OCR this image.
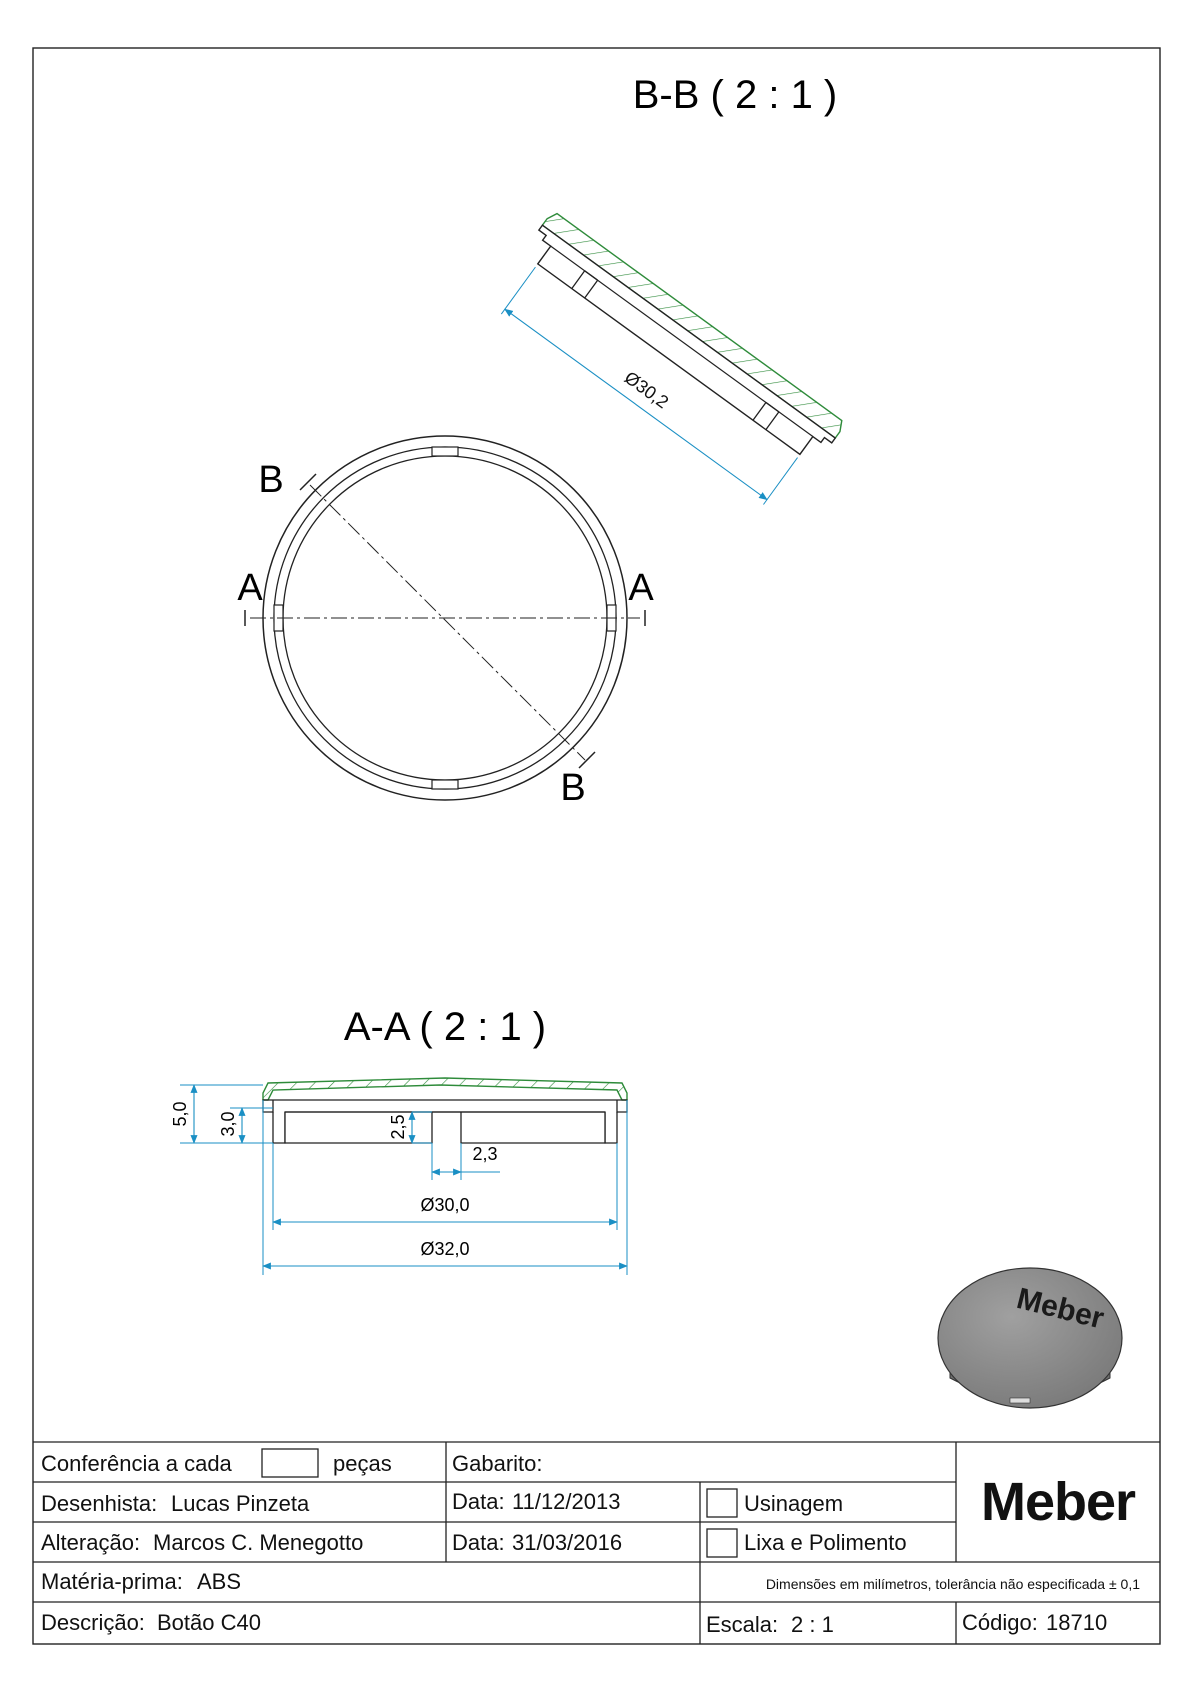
B-B ( 2 : 1 )
Ø30,2
A	A
B
B
A-A ( 2 : 1 )
5,0 3,0	2,5
2,3
Ø30,0
Ø32,0
Meber
Conferência a cada	peças	Gabarito:
Desenhista: Lucas Pinzeta	Data: 11/12/2013	Usinagem
Alteração: Marcos C. Menegotto	Data: 31/03/2016	Lixa e Polimento
Matéria-prima: ABS	Dimensões em milímetros, tolerância não especificada ± 0,1
Descrição: Botão C40	Escala: 2 : 1	Código: 18710
Meber
